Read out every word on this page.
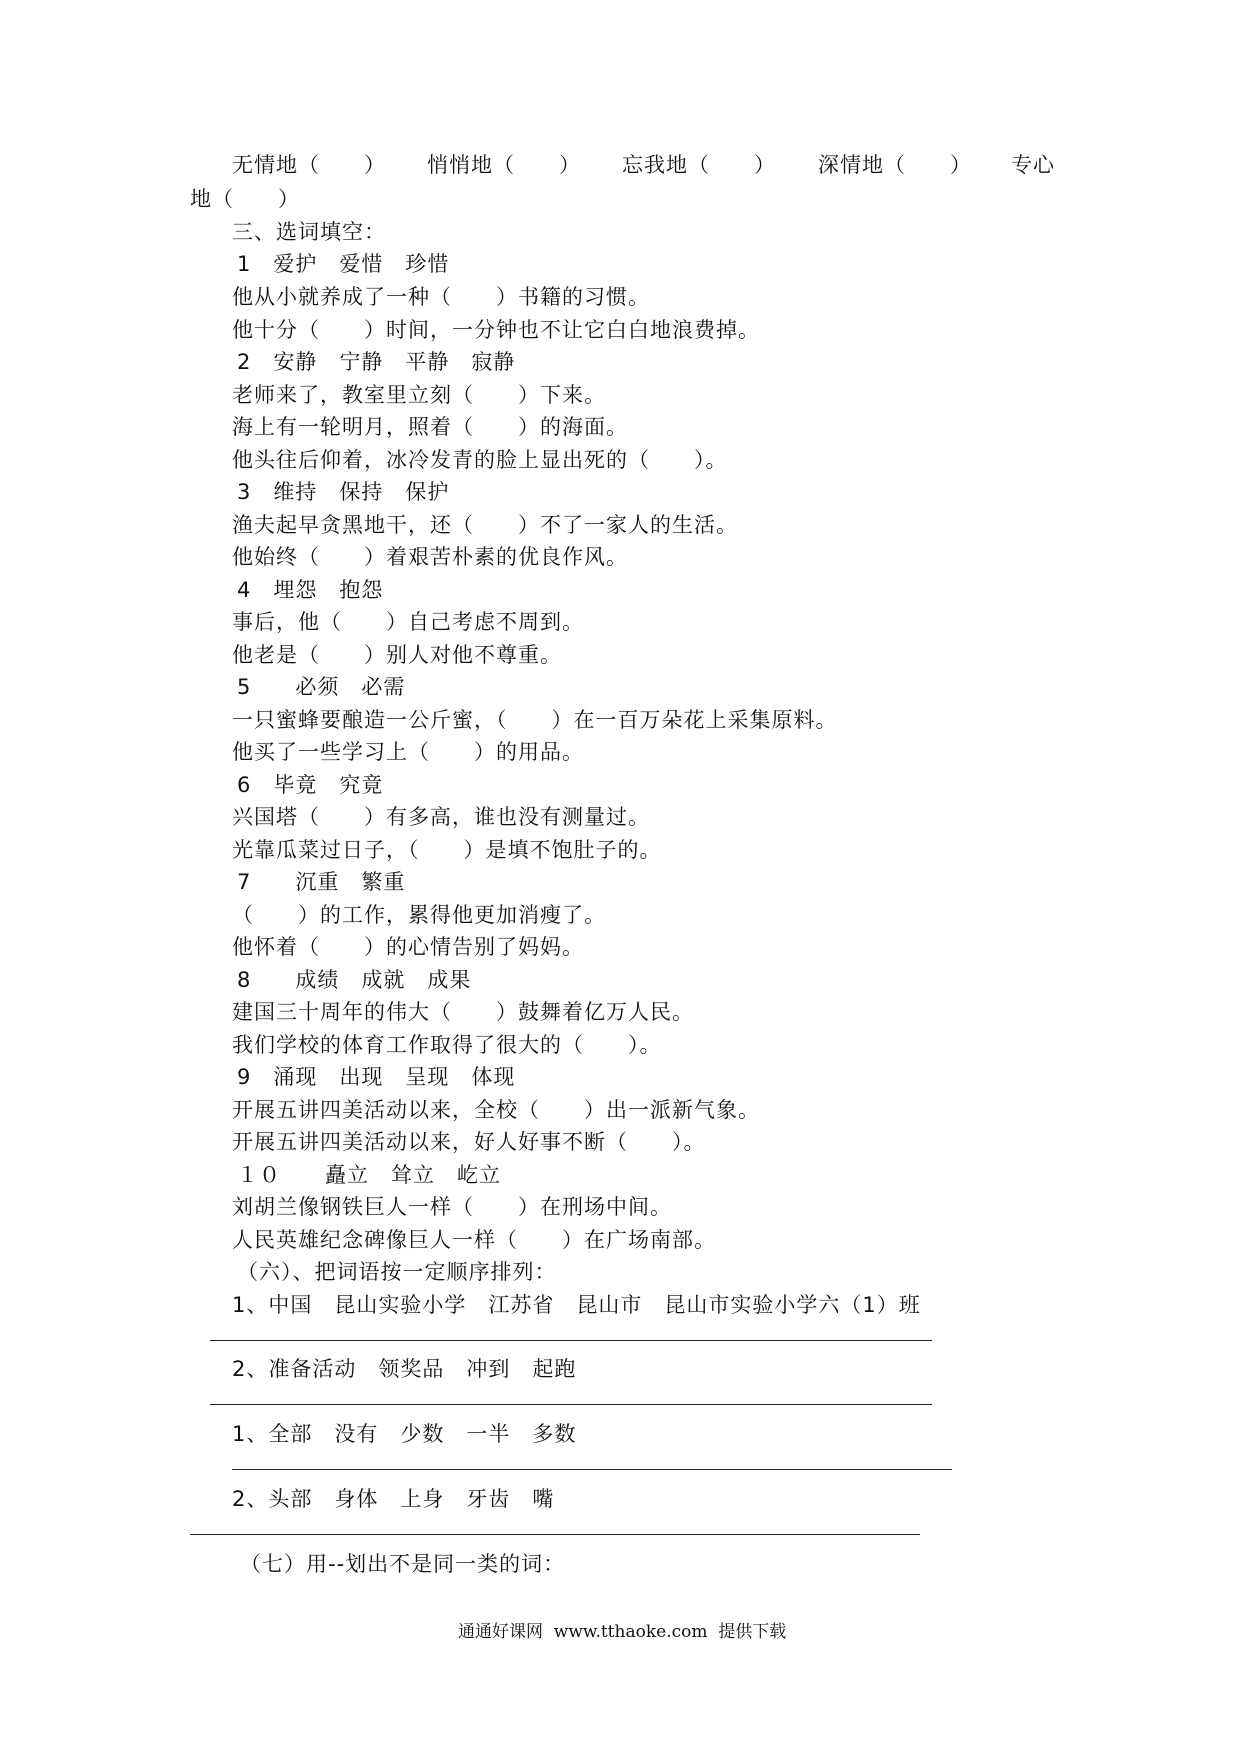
无情地（　　） 悄悄地（　　） 忘我地（　　） 深情地（　　） 专心
地（　　）
三、选词填空：
1　爱护　爱惜　珍惜
他从小就养成了一种（　　）书籍的习惯。
他十分（　　）时间，一分钟也不让它白白地浪费掉。
2　安静　宁静　平静　寂静
老师来了，教室里立刻（　　）下来。
海上有一轮明月，照着（　　）的海面。
他头往后仰着，冰冷发青的脸上显出死的（　　）。
3　维持　保持　保护
渔夫起早贪黑地干，还（　　）不了一家人的生活。
他始终（　　）着艰苦朴素的优良作风。
4　埋怨　抱怨
事后，他（　　）自己考虑不周到。
他老是（　　）别人对他不尊重。
5　　必须　必需
一只蜜蜂要酿造一公斤蜜，（　　）在一百万朵花上采集原料。
他买了一些学习上（　　）的用品。
6　毕竟　究竟
兴国塔（　　）有多高，谁也没有测量过。
光靠瓜菜过日子，（　　）是填不饱肚子的。
7　　沉重　繁重
（　　）的工作，累得他更加消瘦了。
他怀着（　　）的心情告别了妈妈。
8　　成绩　成就　成果
建国三十周年的伟大（　　）鼓舞着亿万人民。
我们学校的体育工作取得了很大的（　　）。
9　涌现　出现　呈现　体现
开展五讲四美活动以来，全校（　　）出一派新气象。
开展五讲四美活动以来，好人好事不断（　　）。
１０　　矗立　耸立　屹立
刘胡兰像钢铁巨人一样（　　）在刑场中间。
人民英雄纪念碑像巨人一样（　　）在广场南部。
（六）、把词语按一定顺序排列：
1、中国　昆山实验小学　江苏省　昆山市　昆山市实验小学六（1）班
2、准备活动　领奖品　冲到　起跑
1、全部　没有　少数　一半　多数
2、头部　身体　上身　牙齿　嘴
（七）用--划出不是同一类的词：
通通好课网  www.tthaoke.com  提供下载
